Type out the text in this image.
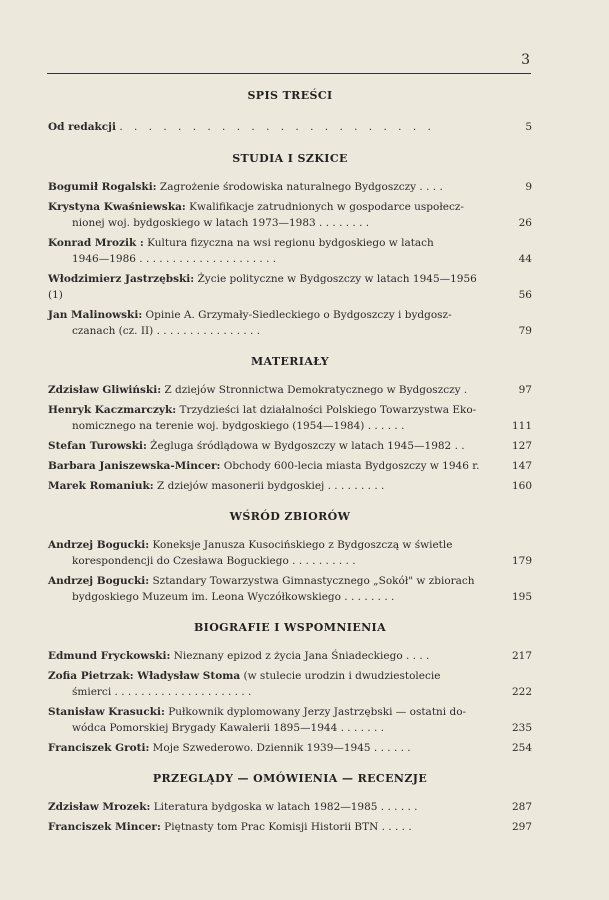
3
SPIS TREŚCI
Od redakcji . . . . . . . . . . . . . . . . . . . . . .	5
STUDIA I SZKICE
Bogumił Rogalski: Zagrożenie środowiska naturalnego Bydgoszczy . . . .	9
Krystyna Kwaśniewska: Kwalifikacje zatrudnionych w gospodarce uspołecz-
nionej woj. bydgoskiego w latach 1973—1983 . . . . . . . .	26
Konrad Mrozik : Kultura fizyczna na wsi regionu bydgoskiego w latach
1946—1986 . . . . . . . . . . . . . . . . . . . . .	44
Włodzimierz Jastrzębski: Życie polityczne w Bydgoszczy w latach 1945—1956 (1)	56
Jan Malinowski: Opinie A. Grzymały-Siedleckiego o Bydgoszczy i bydgosz-
czanach (cz. II) . . . . . . . . . . . . . . . .	79
MATERIAŁY
Zdzisław Gliwiński: Z dziejów Stronnictwa Demokratycznego w Bydgoszczy .	97
Henryk Kaczmarczyk: Trzydzieści lat działalności Polskiego Towarzystwa Eko-
nomicznego na terenie woj. bydgoskiego (1954—1984) . . . . . .	111
Stefan Turowski: Żegluga śródlądowa w Bydgoszczy w latach 1945—1982 . .	127
Barbara Janiszewska-Mincer: Obchody 600-lecia miasta Bydgoszczy w 1946 r.	147
Marek Romaniuk: Z dziejów masonerii bydgoskiej . . . . . . . . .	160
WŚRÓD ZBIORÓW
Andrzej Bogucki: Koneksje Janusza Kusocińskiego z Bydgoszczą w świetle
korespondencji do Czesława Boguckiego . . . . . . . . . .	179
Andrzej Bogucki: Sztandary Towarzystwa Gimnastycznego „Sokół" w zbiorach
bydgoskiego Muzeum im. Leona Wyczółkowskiego . . . . . . . .	195
BIOGRAFIE I WSPOMNIENIA
Edmund Fryckowski: Nieznany epizod z życia Jana Śniadeckiego . . . .	217
Zofia Pietrzak: Władysław Stoma (w stulecie urodzin i dwudziestolecie
śmierci . . . . . . . . . . . . . . . . . . . . .	222
Stanisław Krasucki: Pułkownik dyplomowany Jerzy Jastrzębski — ostatni do-
wódca Pomorskiej Brygady Kawalerii 1895—1944 . . . . . . .	235
Franciszek Groti: Moje Szwederowo. Dziennik 1939—1945 . . . . . .	254
PRZEGLĄDY — OMÓWIENIA — RECENZJE
Zdzisław Mrozek: Literatura bydgoska w latach 1982—1985 . . . . . .	287
Franciszek Mincer: Piętnasty tom Prac Komisji Historii BTN . . . . .	297
